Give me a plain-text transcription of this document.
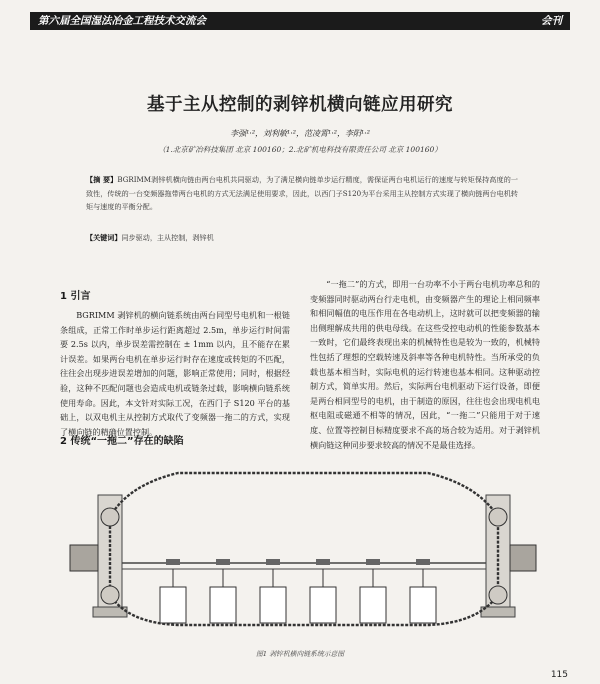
第六届全国湿法冶金工程技术交流会	会刊
基于主从控制的剥锌机横向链应用研究
李强¹·²，刘利敏¹·²，范凌霄¹·²，李阳¹·²
（1.北京矿冶科技集团 北京 100160；2.北矿机电科技有限责任公司 北京 100160）
【摘 要】BGRIMM剥锌机横向链由两台电机共同驱动，为了满足横向链单步运行精度，需保证两台电机运行的速度与转矩保持高度的一致性，传统的一台变频器拖带两台电机的方式无法满足使用要求，因此，以西门子S120为平台采用主从控制方式实现了横向链两台电机转矩与速度的平衡分配。
【关键词】同步驱动，主从控制，剥锌机
1 引言

BGRIMM 剥锌机的横向链系统由两台同型号电机和一根链条组成，正常工作时单步运行距离超过 2.5m，单步运行时间需要 2.5s 以内，单步误差需控制在 ± 1mm 以内，且不能存在累计误差。如果两台电机在单步运行时存在速度或转矩的不匹配，往往会出现步进误差增加的问题，影响正常使用；同时，根据经验，这种不匹配问题也会造成电机或链条过载，影响横向链系统使用寿命。因此，本文针对实际工况，在西门子 S120 平台的基础上，以双电机主从控制方式取代了变频器一拖二的方式，实现了横向链的精确位置控制。

2 传统“一拖二”存在的缺陷

“一拖二”的方式，即用一台功率不小于两台电机功率总和的变频器同时驱动两台行走电机，由变频器产生的理论上相同频率和相同幅值的电压作用在各电动机上，这时就可以把变频器的输出侧理解成共用的供电母线。在这些受控电动机的性能参数基本一致时，它们最终表现出来的机械特性也是较为一致的，机械特性包括了理想的空载转速及斜率等各种电机特性。当所承受的负载也基本相当时，实际电机的运行转速也基本相同。这种驱动控制方式，简单实用。然后，实际两台电机驱动下运行设备，即便是两台相同型号的电机，由于制造的原因，往往也会出现电机电枢电阻或磁通不相等的情况，因此，“一拖二”只能用于对于速度、位置等控制目标精度要求不高的场合较为适用。对于剥锌机横向链这种同步要求较高的情况不是最佳选择。

图1 剥锌机横向链系统示意图
115
